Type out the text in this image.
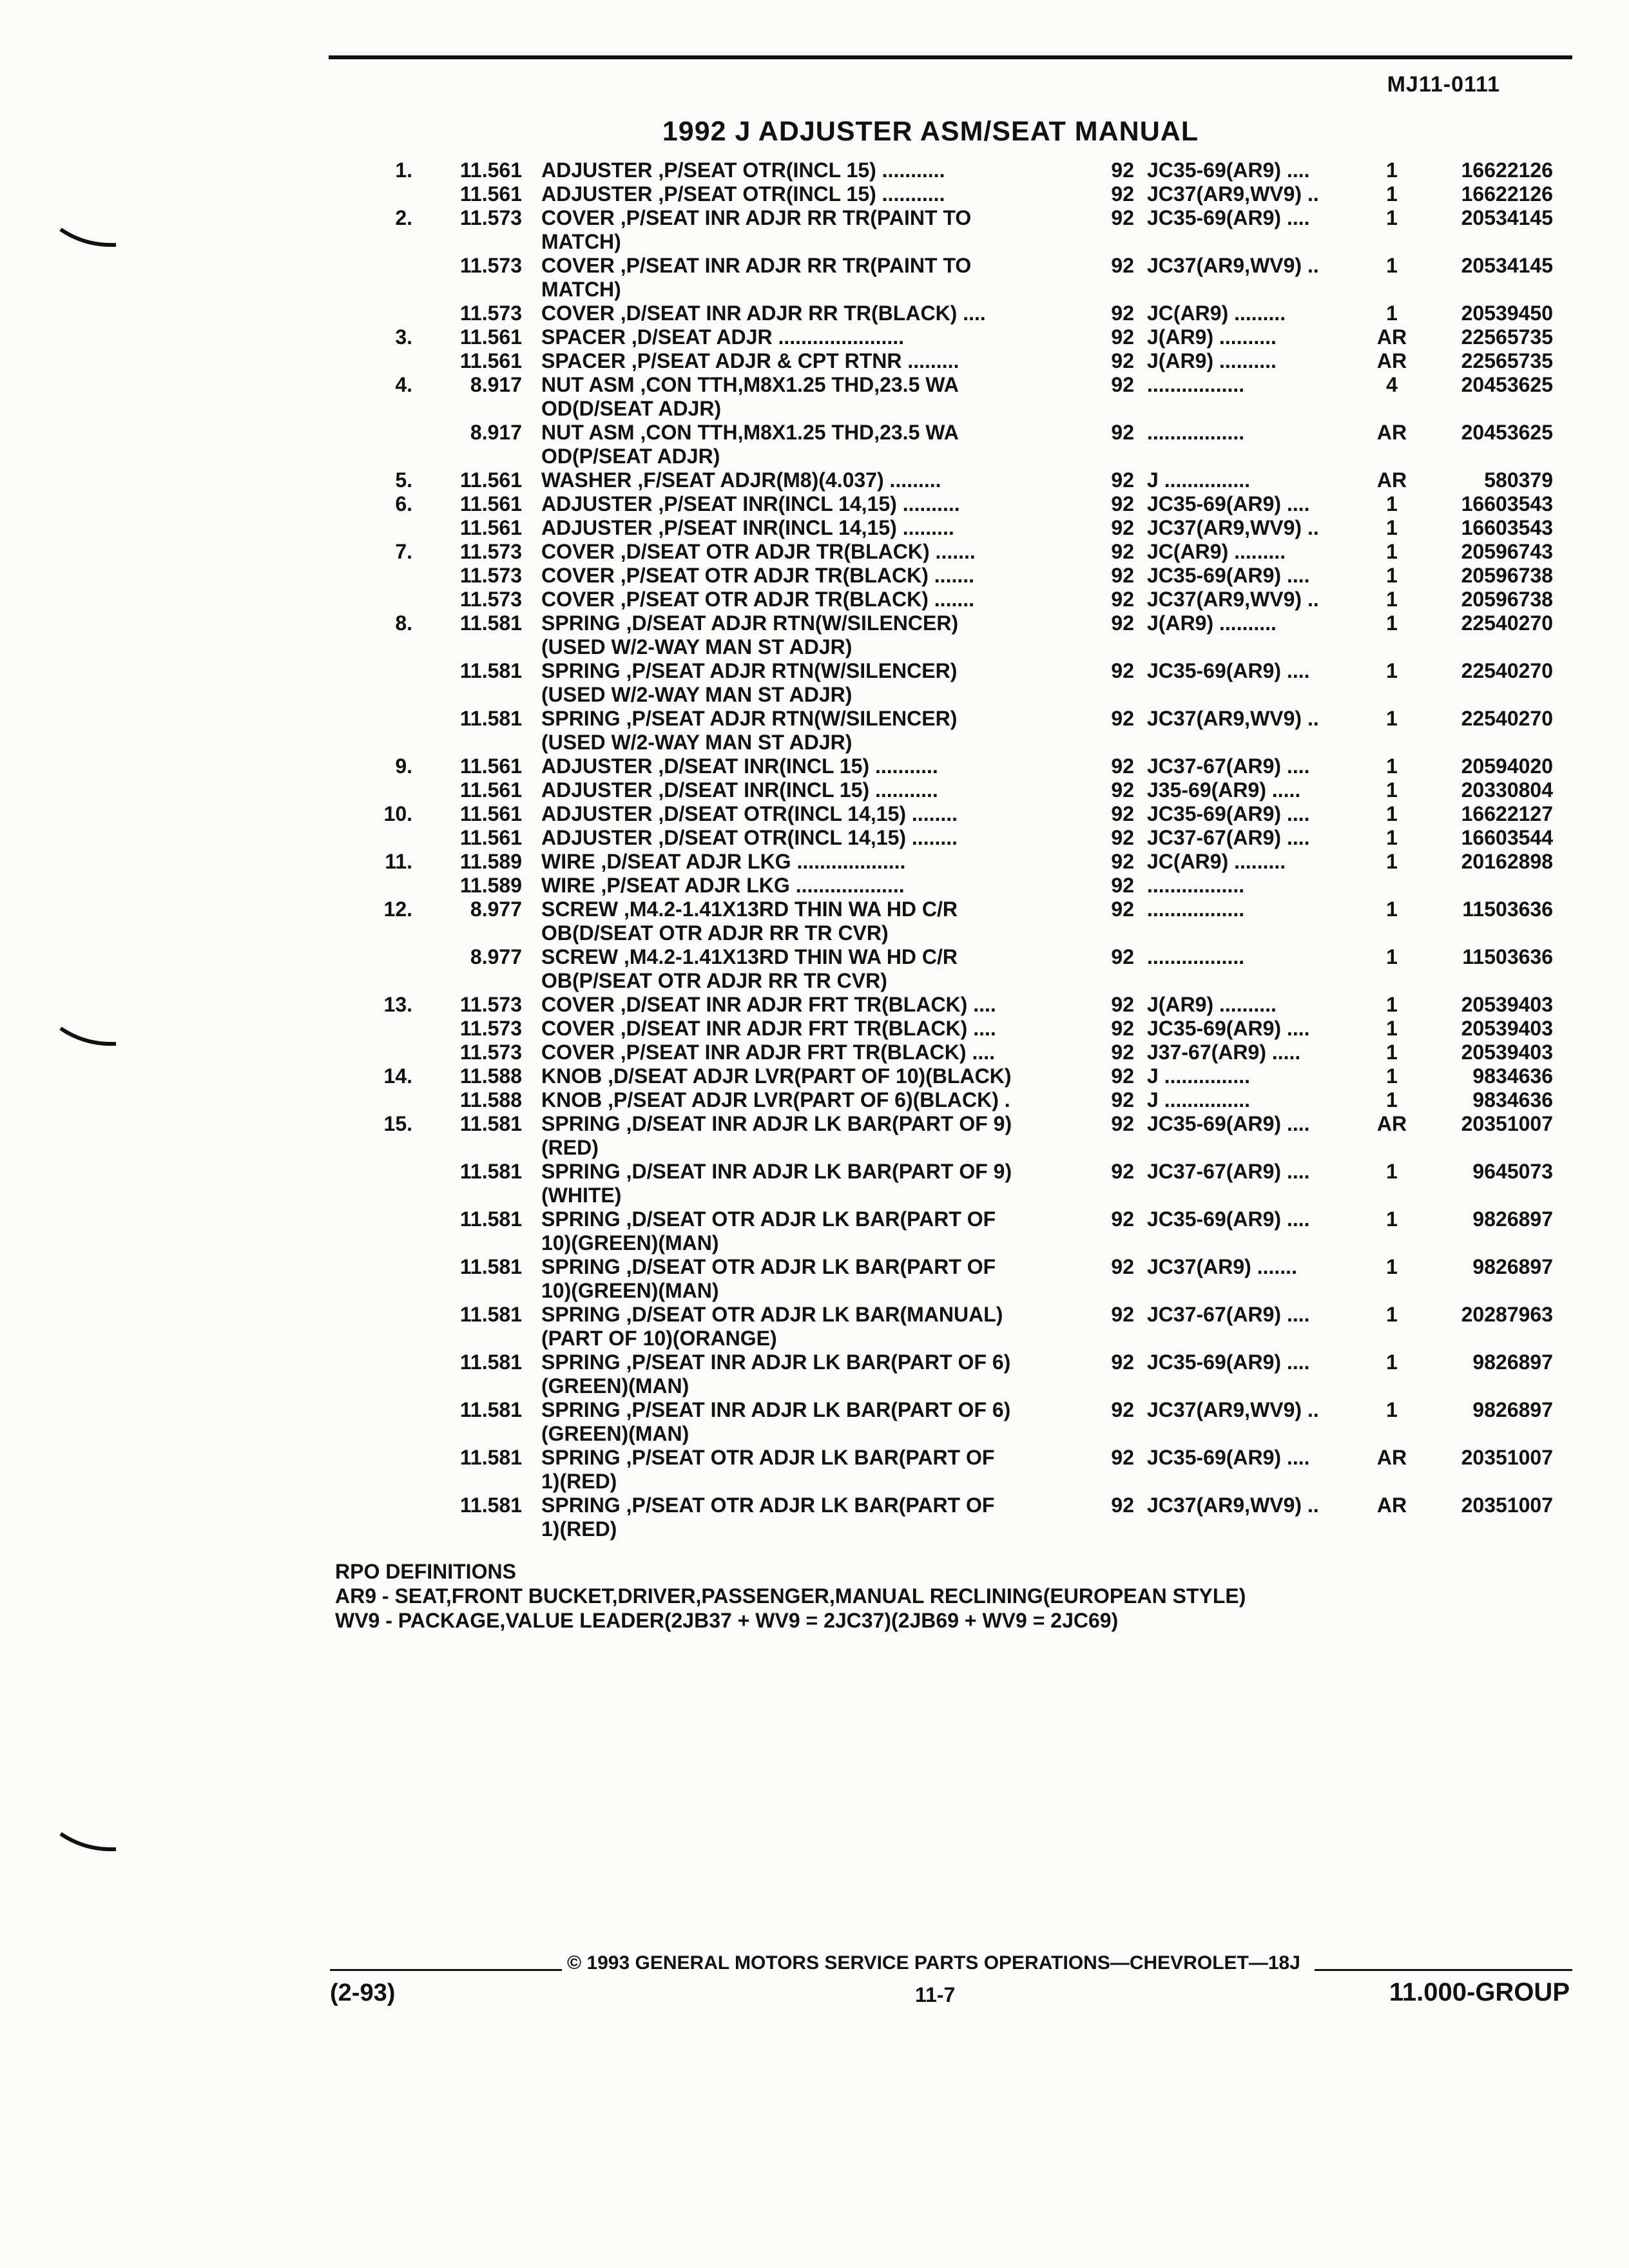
MJ11-0111
1992 J ADJUSTER ASM/SEAT MANUAL
1.	11.561 ADJUSTER ,P/SEAT OTR(INCL 15) ...........	92 JC35-69(AR9) ....	1	16622126
11.561 ADJUSTER ,P/SEAT OTR(INCL 15) ...........	92 JC37(AR9,WV9) ..	1	16622126
2.	11.573 COVER ,P/SEAT INR ADJR RR TR(PAINT TO	92 JC35-69(AR9) ....	1	20534145
MATCH)
11.573 COVER ,P/SEAT INR ADJR RR TR(PAINT TO	92 JC37(AR9,WV9) ..	1	20534145
MATCH)
11.573 COVER ,D/SEAT INR ADJR RR TR(BLACK) ....	92 JC(AR9) .........	1	20539450
3.	11.561 SPACER ,D/SEAT ADJR ......................	92 J(AR9) ..........	AR	22565735
11.561 SPACER ,P/SEAT ADJR & CPT RTNR .........	92 J(AR9) ..........	AR	22565735
4.	8.917 NUT ASM ,CON TTH,M8X1.25 THD,23.5 WA	92 .................	4	20453625
OD(D/SEAT ADJR)
8.917 NUT ASM ,CON TTH,M8X1.25 THD,23.5 WA	92 .................	AR	20453625
OD(P/SEAT ADJR)
5.	11.561 WASHER ,F/SEAT ADJR(M8)(4.037) .........	92 J ...............	AR	580379
6.	11.561 ADJUSTER ,P/SEAT INR(INCL 14,15) ..........	92 JC35-69(AR9) ....	1	16603543
11.561 ADJUSTER ,P/SEAT INR(INCL 14,15) .........	92 JC37(AR9,WV9) ..	1	16603543
7.	11.573 COVER ,D/SEAT OTR ADJR TR(BLACK) .......	92 JC(AR9) .........	1	20596743
11.573 COVER ,P/SEAT OTR ADJR TR(BLACK) .......	92 JC35-69(AR9) ....	1	20596738
11.573 COVER ,P/SEAT OTR ADJR TR(BLACK) .......	92 JC37(AR9,WV9) ..	1	20596738
8.	11.581 SPRING ,D/SEAT ADJR RTN(W/SILENCER)	92 J(AR9) ..........	1	22540270
(USED W/2-WAY MAN ST ADJR)
11.581 SPRING ,P/SEAT ADJR RTN(W/SILENCER)	92 JC35-69(AR9) ....	1	22540270
(USED W/2-WAY MAN ST ADJR)
11.581 SPRING ,P/SEAT ADJR RTN(W/SILENCER)	92 JC37(AR9,WV9) ..	1	22540270
(USED W/2-WAY MAN ST ADJR)
9.	11.561 ADJUSTER ,D/SEAT INR(INCL 15) ...........	92 JC37-67(AR9) ....	1	20594020
11.561 ADJUSTER ,D/SEAT INR(INCL 15) ...........	92 J35-69(AR9) .....	1	20330804
10.	11.561 ADJUSTER ,D/SEAT OTR(INCL 14,15) ........	92 JC35-69(AR9) ....	1	16622127
11.561 ADJUSTER ,D/SEAT OTR(INCL 14,15) ........	92 JC37-67(AR9) ....	1	16603544
11.	11.589 WIRE ,D/SEAT ADJR LKG ...................	92 JC(AR9) .........	1	20162898
11.589 WIRE ,P/SEAT ADJR LKG ...................	92 .................
12.	8.977 SCREW ,M4.2-1.41X13RD THIN WA HD C/R	92 .................	1	11503636
OB(D/SEAT OTR ADJR RR TR CVR)
8.977 SCREW ,M4.2-1.41X13RD THIN WA HD C/R	92 .................	1	11503636
OB(P/SEAT OTR ADJR RR TR CVR)
13.	11.573 COVER ,D/SEAT INR ADJR FRT TR(BLACK) ....	92 J(AR9) ..........	1	20539403
11.573 COVER ,D/SEAT INR ADJR FRT TR(BLACK) ....	92 JC35-69(AR9) ....	1	20539403
11.573 COVER ,P/SEAT INR ADJR FRT TR(BLACK) ....	92 J37-67(AR9) .....	1	20539403
14.	11.588 KNOB ,D/SEAT ADJR LVR(PART OF 10)(BLACK)	92 J ...............	1	9834636
11.588 KNOB ,P/SEAT ADJR LVR(PART OF 6)(BLACK) .	92 J ...............	1	9834636
15.	11.581 SPRING ,D/SEAT INR ADJR LK BAR(PART OF 9)	92 JC35-69(AR9) ....	AR	20351007
(RED)
11.581 SPRING ,D/SEAT INR ADJR LK BAR(PART OF 9)	92 JC37-67(AR9) ....	1	9645073
(WHITE)
11.581 SPRING ,D/SEAT OTR ADJR LK BAR(PART OF	92 JC35-69(AR9) ....	1	9826897
10)(GREEN)(MAN)
11.581 SPRING ,D/SEAT OTR ADJR LK BAR(PART OF	92 JC37(AR9) .......	1	9826897
10)(GREEN)(MAN)
11.581 SPRING ,D/SEAT OTR ADJR LK BAR(MANUAL)	92 JC37-67(AR9) ....	1	20287963
(PART OF 10)(ORANGE)
11.581 SPRING ,P/SEAT INR ADJR LK BAR(PART OF 6)	92 JC35-69(AR9) ....	1	9826897
(GREEN)(MAN)
11.581 SPRING ,P/SEAT INR ADJR LK BAR(PART OF 6)	92 JC37(AR9,WV9) ..	1	9826897
(GREEN)(MAN)
11.581 SPRING ,P/SEAT OTR ADJR LK BAR(PART OF	92 JC35-69(AR9) ....	AR	20351007
1)(RED)
11.581 SPRING ,P/SEAT OTR ADJR LK BAR(PART OF	92 JC37(AR9,WV9) ..	AR	20351007
1)(RED)
RPO DEFINITIONS
AR9 - SEAT,FRONT BUCKET,DRIVER,PASSENGER,MANUAL RECLINING(EUROPEAN STYLE)
WV9 - PACKAGE,VALUE LEADER(2JB37 + WV9 = 2JC37)(2JB69 + WV9 = 2JC69)
© 1993 GENERAL MOTORS SERVICE PARTS OPERATIONS—CHEVROLET—18J
(2-93)	11-7	11.000-GROUP
